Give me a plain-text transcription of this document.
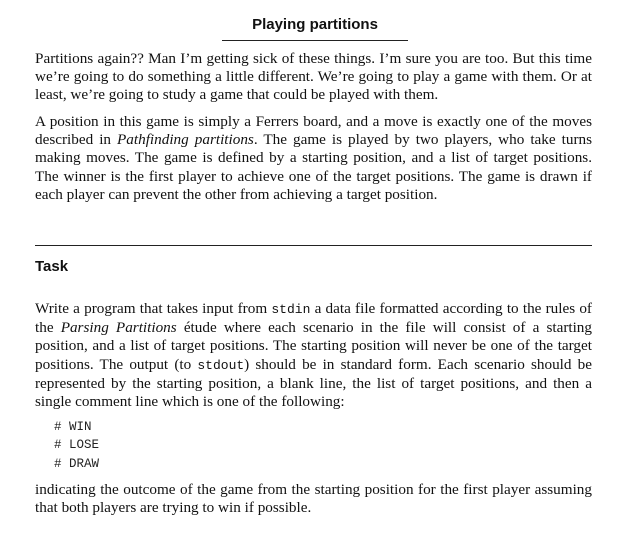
Playing partitions

Partitions again?? Man I’m getting sick of these things. I’m sure you are too. But this time we’re going to do something a little different. We’re going to play a game with them. Or at least, we’re going to study a game that could be played with them.

A position in this game is simply a Ferrers board, and a move is exactly one of the moves described in Pathfinding partitions. The game is played by two players, who take turns making moves. The game is defined by a starting position, and a list of target positions. The winner is the first player to achieve one of the target positions. The game is drawn if each player can prevent the other from achieving a target position.

Task

Write a program that takes input from stdin a data file formatted according to the rules of the Parsing Partitions étude where each scenario in the file will consist of a starting position, and a list of target positions. The starting position will never be one of the target positions. The output (to stdout) should be in standard form. Each scenario should be represented by the starting position, a blank line, the list of target positions, and then a single comment line which is one of the following:

# WIN
# LOSE
# DRAW

indicating the outcome of the game from the starting position for the first player assuming that both players are trying to win if possible.
